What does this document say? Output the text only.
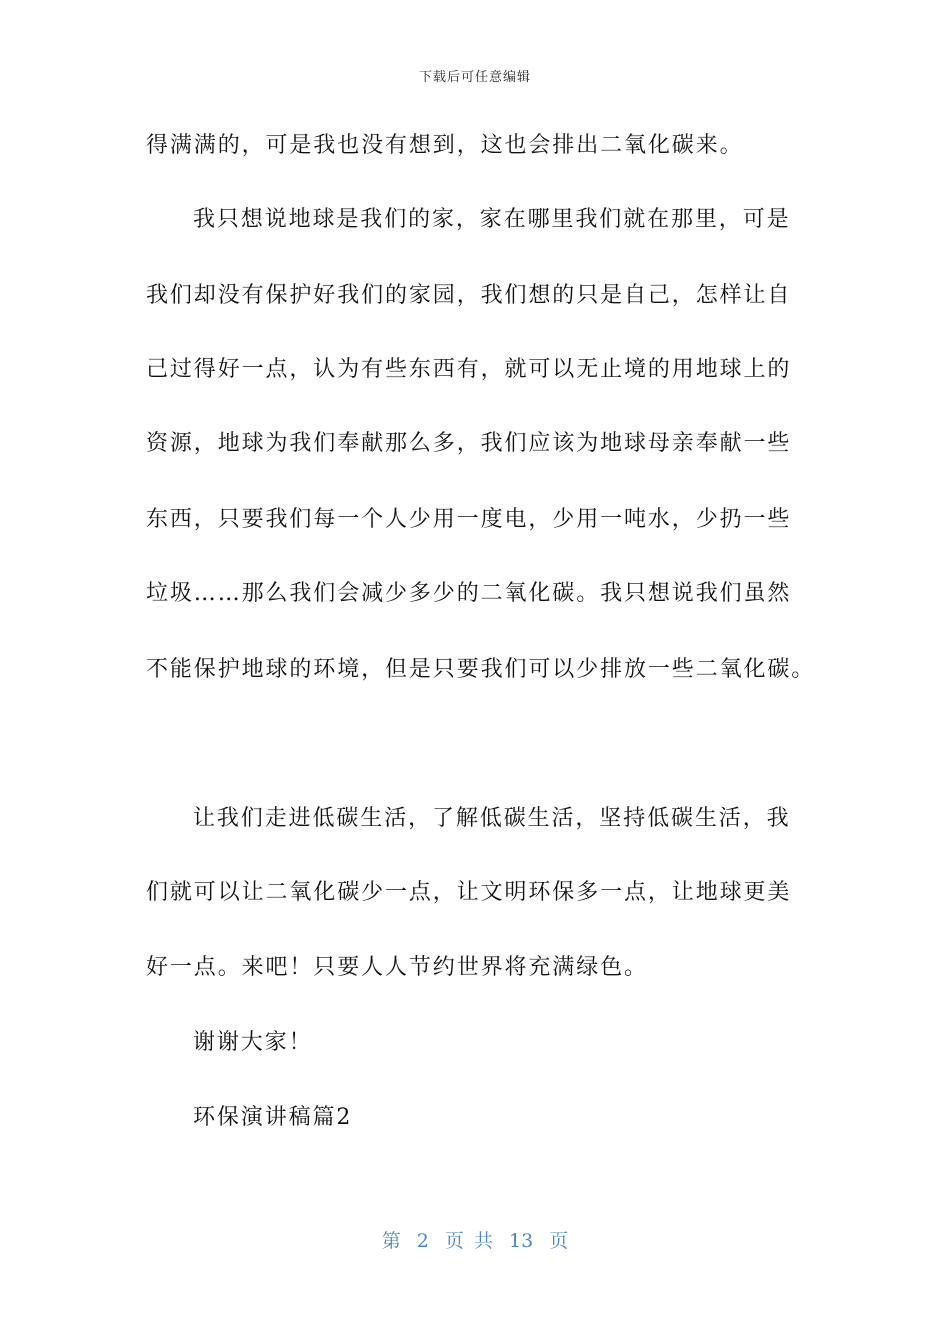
下载后可任意编辑
得满满的，可是我也没有想到，这也会排出二氧化碳来。
我只想说地球是我们的家，家在哪里我们就在那里，可是
我们却没有保护好我们的家园，我们想的只是自己，怎样让自
己过得好一点，认为有些东西有，就可以无止境的用地球上的
资源，地球为我们奉献那么多，我们应该为地球母亲奉献一些
东西，只要我们每一个人少用一度电，少用一吨水，少扔一些
垃圾……那么我们会减少多少的二氧化碳。我只想说我们虽然
不能保护地球的环境，但是只要我们可以少排放一些二氧化碳。
让我们走进低碳生活，了解低碳生活，坚持低碳生活，我
们就可以让二氧化碳少一点，让文明环保多一点，让地球更美
好一点。来吧！只要人人节约世界将充满绿色。
谢谢大家！
环保演讲稿篇2
第 2 页 共 13 页
